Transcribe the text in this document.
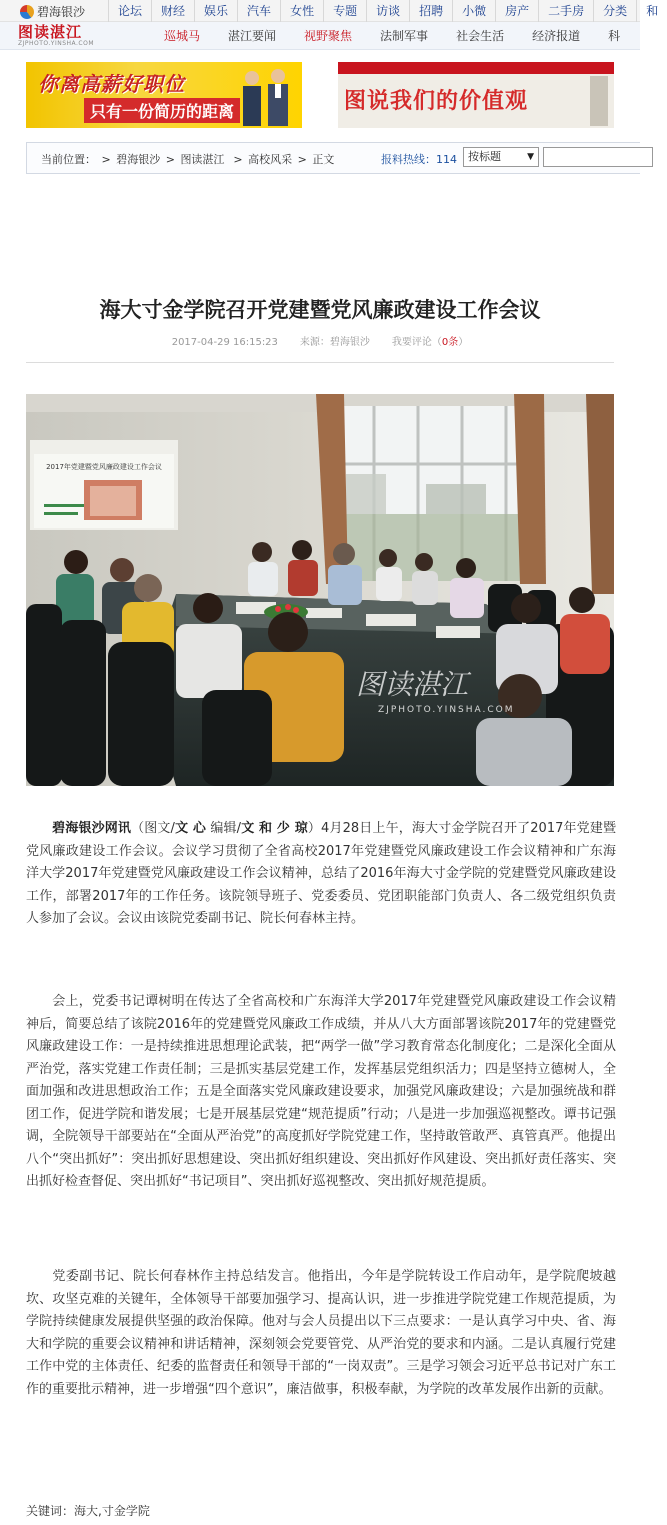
碧海银沙	论坛	财经	娱乐	汽车	女性	专题	访谈	招聘	小微	房产	二手房	分类	和
图读湛江
ZJPHOTO.YINSHA.COM
巡城马	湛江要闻	视野聚焦	法制军事	社会生活	经济报道	科
你离高薪好职位
只有一份简历的距离	图说我们的价值观
当前位置： > 碧海银沙 > 图读湛江  > 高校风采 > 正文	报料热线：114	按标题	▼
海大寸金学院召开党建暨党风廉政建设工作会议
2017-04-29 16:15:23 来源：碧海银沙 我要评论（0条）
2017年党建暨党风廉政建设工作会议
图读湛江
ZJPHOTO.YINSHA.COM

  碧海银沙网讯（图文/文 心 编辑/文 和 少 琼）4月28日上午，海大寸金学院召开了2017年党建暨党风廉政建设工作会议。会议学习贯彻了全省高校2017年党建暨党风廉政建设工作会议精神和广东海洋大学2017年党建暨党风廉政建设工作会议精神，总结了2016年海大寸金学院的党建暨党风廉政建设工作，部署2017年的工作任务。该院领导班子、党委委员、党团职能部门负责人、各二级党组织负责人参加了会议。会议由该院党委副书记、院长何春林主持。

  会上，党委书记谭树明在传达了全省高校和广东海洋大学2017年党建暨党风廉政建设工作会议精神后，简要总结了该院2016年的党建暨党风廉政工作成绩，并从八大方面部署该院2017年的党建暨党风廉政建设工作：一是持续推进思想理论武装，把“两学一做”学习教育常态化制度化；二是深化全面从严治党，落实党建工作责任制；三是抓实基层党建工作，发挥基层党组织活力；四是坚持立德树人，全面加强和改进思想政治工作；五是全面落实党风廉政建设要求，加强党风廉政建设；六是加强统战和群团工作，促进学院和谐发展；七是开展基层党建“规范提质”行动；八是进一步加强巡视整改。谭书记强调，全院领导干部要站在“全面从严治党”的高度抓好学院党建工作，坚持敢管敢严、真管真严。他提出八个“突出抓好”：突出抓好思想建设、突出抓好组织建设、突出抓好作风建设、突出抓好责任落实、突出抓好检查督促、突出抓好“书记项目”、突出抓好巡视整改、突出抓好规范提质。

  党委副书记、院长何春林作主持总结发言。他指出，今年是学院转设工作启动年，是学院爬坡越坎、攻坚克难的关键年，全体领导干部要加强学习、提高认识，进一步推进学院党建工作规范提质，为学院持续健康发展提供坚强的政治保障。他对与会人员提出以下三点要求：一是认真学习中央、省、海大和学院的重要会议精神和讲话精神，深刻领会党要管党、从严治党的要求和内涵。二是认真履行党建工作中党的主体责任、纪委的监督责任和领导干部的“一岗双责”。三是学习领会习近平总书记对广东工作的重要批示精神，进一步增强“四个意识”，廉洁做事，积极奉献，为学院的改革发展作出新的贡献。

关键词：海大,寸金学院
